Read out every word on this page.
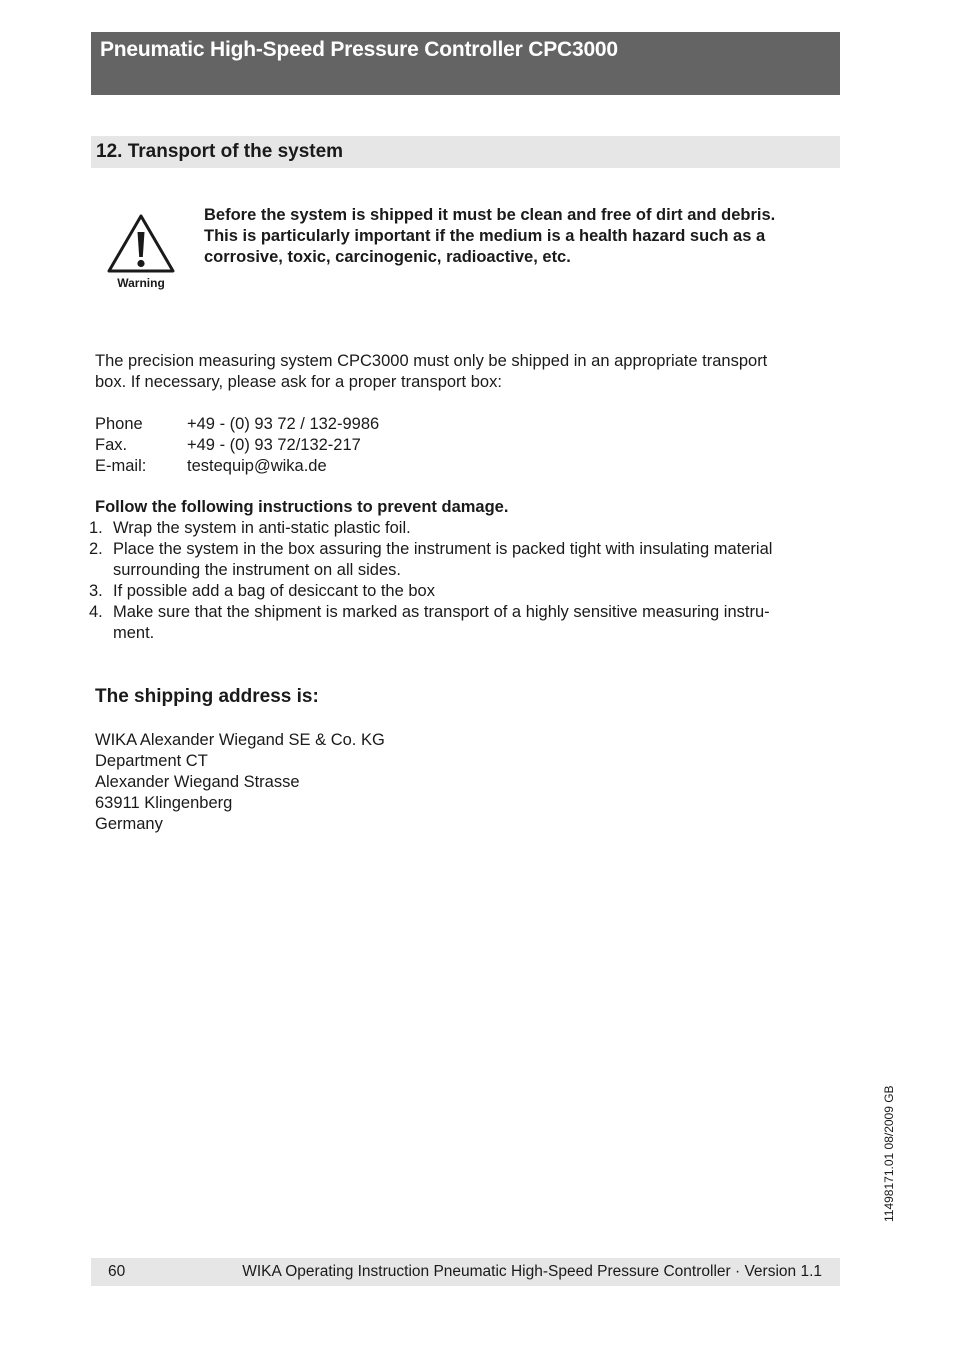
Pneumatic High-Speed Pressure Controller CPC3000
12. Transport of the system
Warning

Before the system is shipped it must be clean and free of dirt and debris.

This is particularly important if the medium is a health hazard such as a

corrosive, toxic, carcinogenic, radioactive, etc.

The precision measuring system CPC3000 must only be shipped in an appropriate transport
box. If necessary, please ask for a proper transport box:
Phone	+49 - (0) 93 72 / 132-9986
Fax.	+49 - (0) 93 72/132-217
E-mail:	testequip@wika.de
Follow the following instructions to prevent damage.
1. Wrap the system in anti-static plastic foil.
2. Place the system in the box assuring the instrument is packed tight with insulating material
surrounding the instrument on all sides.
3. If possible add a bag of desiccant to the box
4. Make sure that the shipment is marked as transport of a highly sensitive measuring instru-
ment.
The shipping address is:
WIKA Alexander Wiegand SE & Co. KG
Department CT
Alexander Wiegand Strasse
63911 Klingenberg
Germany
11498171.01 08/2009 GB
60	WIKA Operating Instruction Pneumatic High-Speed Pressure Controller · Version 1.1
